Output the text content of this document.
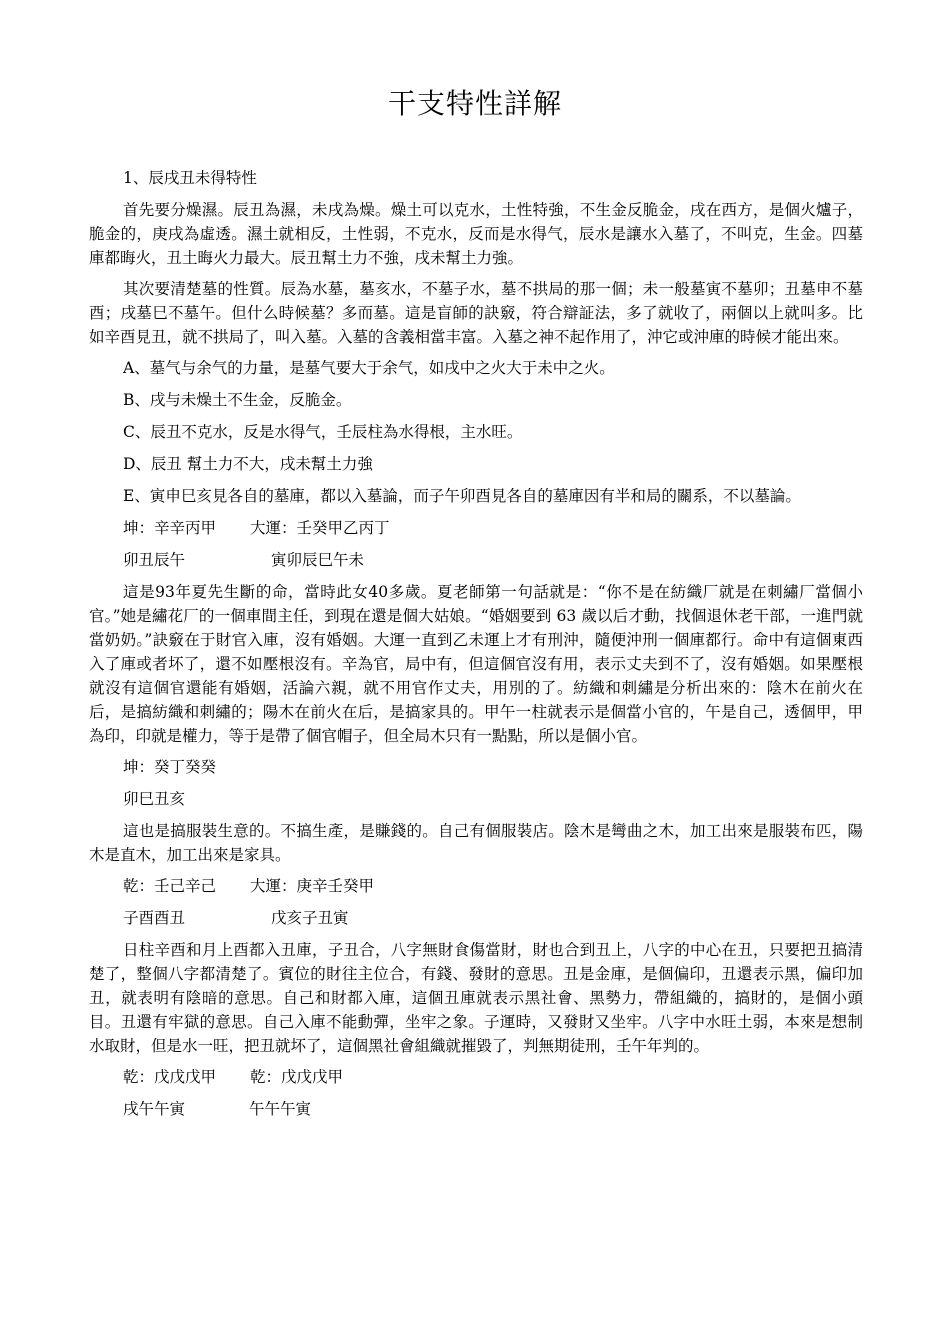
干支特性詳解

1、辰戌丑未得特性

首先要分燥濕。辰丑為濕，未戌為燥。燥土可以克水，土性特強，不生金反脆金，戌在西方，是個火爐子，脆金的，庚戌為虛透。濕土就相反，土性弱，不克水，反而是水得气，辰水是讓水入墓了，不叫克，生金。四墓庫都晦火，丑土晦火力最大。辰丑幫土力不強，戌未幫土力強。

其次要清楚墓的性質。辰為水墓，墓亥水，不墓子水，墓不拱局的那一個；未一般墓寅不墓卯；丑墓申不墓酉；戌墓巳不墓午。但什么時候墓？多而墓。這是盲師的訣竅，符合辯証法，多了就收了，兩個以上就叫多。比如辛酉見丑，就不拱局了，叫入墓。入墓的含義相當丰富。入墓之神不起作用了，沖它或沖庫的時候才能出來。

A、墓气与余气的力量，是墓气要大于余气，如戌中之火大于未中之火。

B、戌与未燥土不生金，反脆金。

C、辰丑不克水，反是水得气，壬辰柱為水得根，主水旺。

D、辰丑 幫土力不大，戌未幫土力強

E、寅申巳亥見各自的墓庫，都以入墓論，而子午卯酉見各自的墓庫因有半和局的關系，不以墓論。

坤：辛辛丙甲 大運：壬癸甲乙丙丁

卯丑辰午	寅卯辰巳午未

這是93年夏先生斷的命，當時此女40多歲。夏老師第一句話就是：“你不是在紡織厂就是在刺繡厂當個小官。”她是繡花厂的一個車間主任，到現在還是個大姑娘。“婚姻要到 63 歲以后才動，找個退休老干部，一進門就當奶奶。”訣竅在于財官入庫，沒有婚姻。大運一直到乙未運上才有刑沖，隨便沖刑一個庫都行。命中有這個東西入了庫或者坏了，還不如壓根沒有。辛為官，局中有，但這個官沒有用，表示丈夫到不了，沒有婚姻。如果壓根就沒有這個官還能有婚姻，活論六親，就不用官作丈夫，用別的了。紡織和刺繡是分析出來的：陰木在前火在后，是搞紡織和刺繡的；陽木在前火在后，是搞家具的。甲午一柱就表示是個當小官的，午是自己，透個甲，甲為印，印就是權力，等于是帶了個官帽子，但全局木只有一點點，所以是個小官。

坤：癸丁癸癸

卯巳丑亥

這也是搞服裝生意的。不搞生產，是賺錢的。自己有個服裝店。陰木是彎曲之木，加工出來是服裝布匹，陽木是直木，加工出來是家具。

乾：壬己辛己 大運：庚辛壬癸甲

子酉酉丑	戊亥子丑寅

日柱辛酉和月上酉都入丑庫，子丑合，八字無財食傷當財，財也合到丑上，八字的中心在丑，只要把丑搞清楚了，整個八字都清楚了。賓位的財往主位合，有錢、發財的意思。丑是金庫，是個偏印，丑還表示黑，偏印加丑，就表明有陰暗的意思。自己和財都入庫，這個丑庫就表示黑社會、黑勢力，帶組織的，搞財的，是個小頭目。丑還有牢獄的意思。自己入庫不能動彈，坐牢之象。子運時，又發財又坐牢。八字中水旺土弱，本來是想制水取財，但是水一旺，把丑就坏了，這個黑社會組織就摧毀了，判無期徒刑，壬午年判的。

乾：戊戊戊甲 乾：戊戊戊甲

戌午午寅	午午午寅
